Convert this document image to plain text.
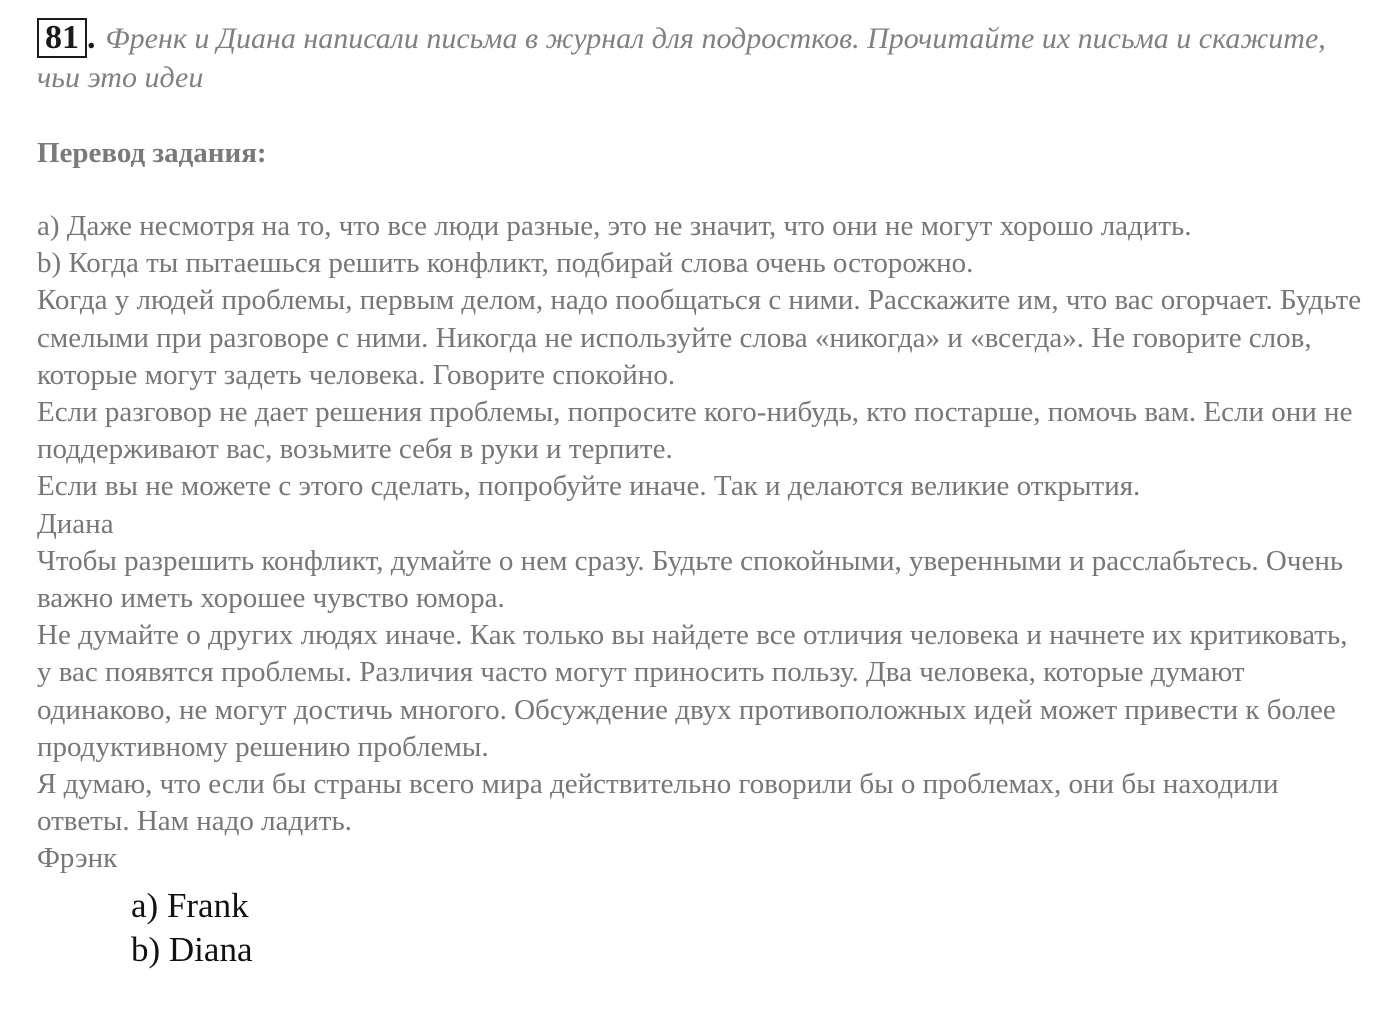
81 . Френк и Диана написали письма в журнал для подростков. Прочитайте их письма и скажите, чьи это идеи
Перевод задания:

a) Даже несмотря на то, что все люди разные, это не значит, что они не могут хорошо ладить.

b) Когда ты пытаешься решить конфликт, подбирай слова очень осторожно.

Когда у людей проблемы, первым делом, надо пообщаться с ними. Расскажите им, что вас огорчает. Будьте смелыми при разговоре с ними. Никогда не используйте слова «никогда» и «всегда». Не говорите слов, которые могут задеть человека. Говорите спокойно.

Если разговор не дает решения проблемы, попросите кого-нибудь, кто постарше, помочь вам. Если они не поддерживают вас, возьмите себя в руки и терпите.

Если вы не можете с этого сделать, попробуйте иначе. Так и делаются великие открытия.

Диана

Чтобы разрешить конфликт, думайте о нем сразу. Будьте спокойными, уверенными и расслабьтесь. Очень важно иметь хорошее чувство юмора.

Не думайте о других людях иначе. Как только вы найдете все отличия человека и начнете их критиковать, у вас появятся проблемы. Различия часто могут приносить пользу. Два человека, которые думают одинаково, не могут достичь многого. Обсуждение двух противоположных идей может привести к более продуктивному решению проблемы.

Я думаю, что если бы страны всего мира действительно говорили бы о проблемах, они бы находили ответы. Нам надо ладить.

Фрэнк

a) Frank

b) Diana
